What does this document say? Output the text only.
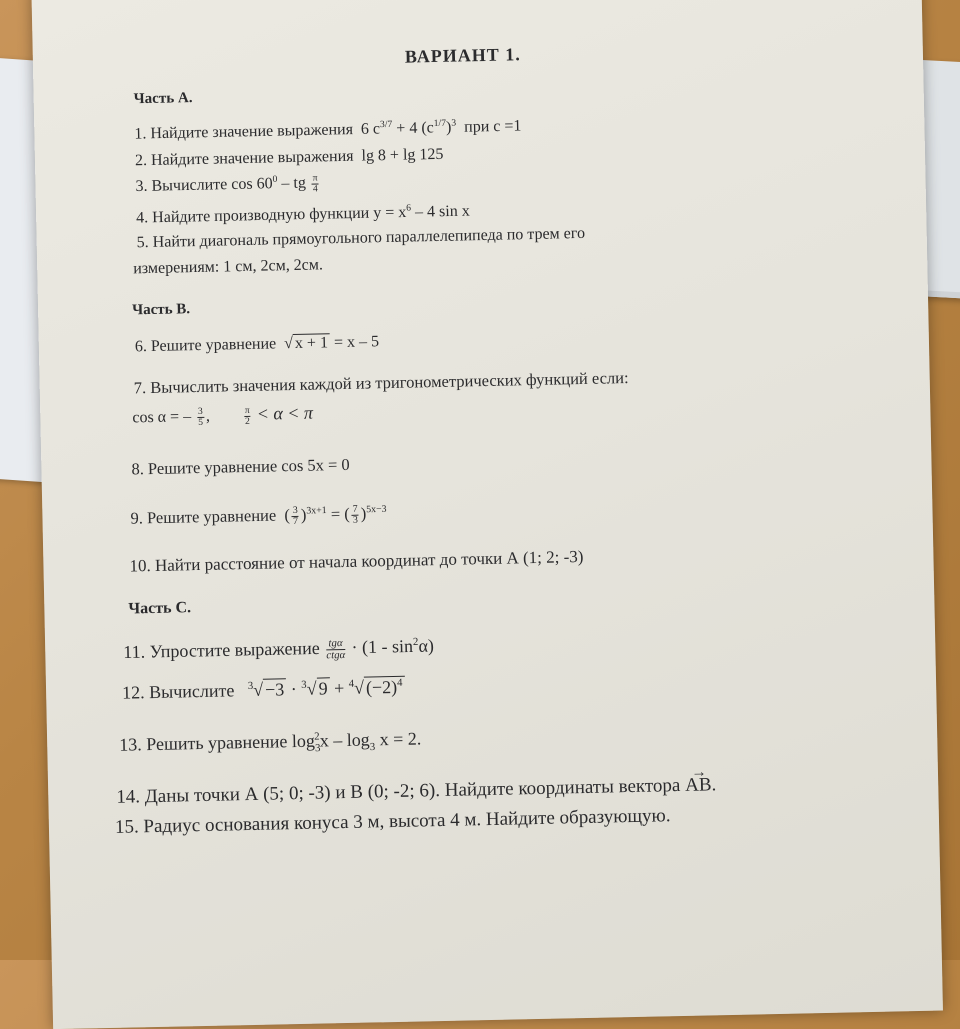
ВАРИАНТ 1.
Часть А.
1. Найдите значение выражения 6 $c^{3/7} + 4$ $(c^{1/7})^3$ при c =1
2. Найдите значение выражения lg 8 + lg 125
3. Вычислите $\cos 60^0$ – tg $\frac{\pi}{4}$
4. Найдите производную функции $y = x^6 - 4$ sin x
5. Найти диагональ прямоугольного параллелепипеда по трем его
измерениям: 1 см, 2см, 2см.
Часть В.
6. Решите уравнение  √ x + 1 = x – 5
7. Вычислить значения каждой из тригонометрических функций если:
cos α = – $\frac{3}{5}$ ,	$\frac{\pi}{2} < \alpha < \pi$
8. Решите уравнение cos 5x = 0
9. Решите уравнение  ( $\frac{3}{7} )^{3x+1}$ = ( $\frac{7}{3} )^{5x-3}$
10. Найти расстояние от начала координат до точки А (1; 2; -3)
Часть С.
11. Упростите выражение $\frac{\text{tgα}}{\text{ctgα}} \cdot (1 - \sin^2\alpha)$
12. Вычислите $^3√-3 \cdot ^3√9 + ^4√(-2)^4$
13. Решить уравнение $\log_3^2x - \log_3 x = 2$.
14. Даны точки А (5; 0; -3) и В (0; -2; 6). Найдите координаты вектора → AB.
15. Радиус основания конуса 3 м, высота 4 м. Найдите образующую.
